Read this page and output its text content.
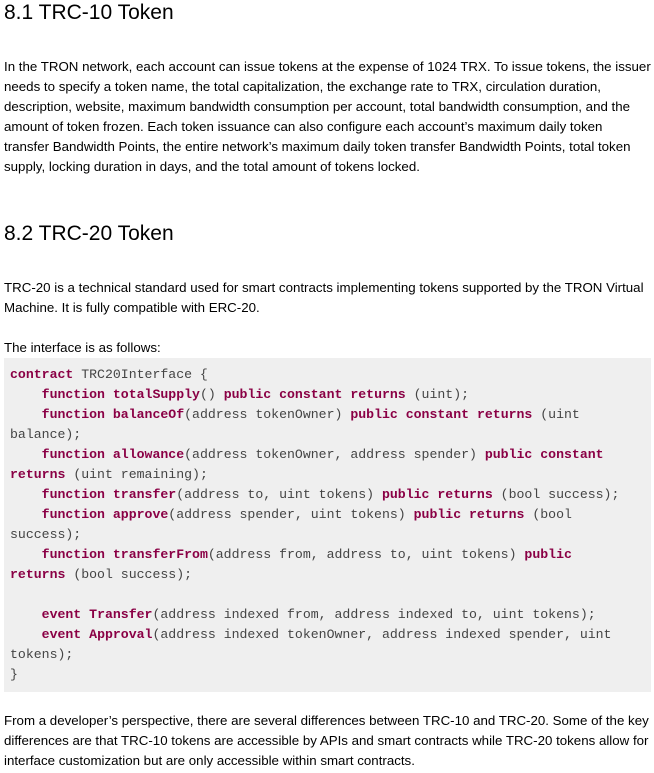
8.1 TRC-10 Token

In the TRON network, each account can issue tokens at the expense of 1024 TRX. To issue tokens, the issuer needs to specify a token name, the total capitalization, the exchange rate to TRX, circulation duration, description, website, maximum bandwidth consumption per account, total bandwidth consumption, and the amount of token frozen. Each token issuance can also configure each account’s maximum daily token transfer Bandwidth Points, the entire network’s maximum daily token transfer Bandwidth Points, total token supply, locking duration in days, and the total amount of tokens locked.

8.2 TRC-20 Token

TRC-20 is a technical standard used for smart contracts implementing tokens supported by the TRON Virtual Machine. It is fully compatible with ERC-20.

The interface is as follows:

contract TRC20Interface {
function totalSupply() public constant returns (uint);
function balanceOf(address tokenOwner) public constant returns (uint
balance);
function allowance(address tokenOwner, address spender) public constant
returns (uint remaining);
function transfer(address to, uint tokens) public returns (bool success);
function approve(address spender, uint tokens) public returns (bool
success);
function transferFrom(address from, address to, uint tokens) public
returns (bool success);

event Transfer(address indexed from, address indexed to, uint tokens);
event Approval(address indexed tokenOwner, address indexed spender, uint
tokens);
}

From a developer’s perspective, there are several differences between TRC-10 and TRC-20. Some of the key differences are that TRC-10 tokens are accessible by APIs and smart contracts while TRC-20 tokens allow for interface customization but are only accessible within smart contracts.
